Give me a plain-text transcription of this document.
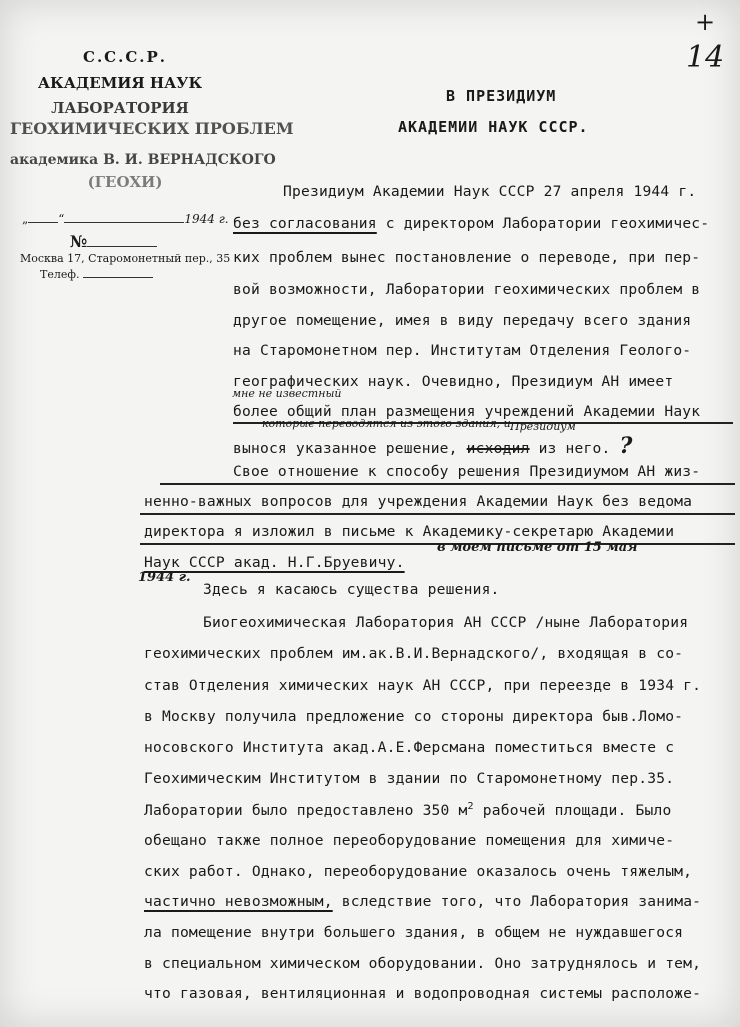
+
14
С.С.С.Р.
АКАДЕМИЯ НАУК
ЛАБОРАТОРИЯ
ГЕОХИМИЧЕСКИХ ПРОБЛЕМ
академика В. И. ВЕРНАДСКОГО
(ГЕОХИ)
„	“	1944 г.
№
Москва 17, Старомонетный пер., 35
Телеф.
В ПРЕЗИДИУМ
АКАДЕМИИ НАУК СССР.
Президиум Академии Наук СССР 27 апреля 1944 г.
без согласования с директором Лаборатории геохимичес-
ких проблем вынес постановление о переводе, при пер-
вой возможности, Лаборатории геохимических проблем в
другое помещение, имея в виду передачу всего здания
на Старомонетном пер. Институтам Отделения Геолого-
географических наук. Очевидно, Президиум АН имеет
мне не известный
более общий план размещения учреждений Академии Наук
которые переводятся из этого здания, и Президиум
вынося указанное решение, исходил из него. ?
Свое отношение к способу решения Президиумом АН жиз-
ненно-важных вопросов для учреждения Академии Наук без ведома
директора я изложил в письме к Академику-секретарю Академии
Наук СССР акад. Н.Г.Бруевичу.
в моем письме от 15 мая
1944 г.
Здесь я касаюсь существа решения.
Биогеохимическая Лаборатория АН СССР /ныне Лаборатория
геохимических проблем им.ак.В.И.Вернадского/, входящая в со-
став Отделения химических наук АН СССР, при переезде в 1934 г.
в Москву получила предложение со стороны директора быв.Ломо-
носовского Института акад.А.Е.Ферсмана поместиться вместе с
Геохимическим Институтом в здании по Старомонетному пер.35.
Лаборатории было предоставлено 350 $м^2$ рабочей площади. Было
обещано также полное переоборудование помещения для химиче-
ских работ. Однако, переоборудование оказалось очень тяжелым,
частично невозможным, вследствие того, что Лаборатория занима-
ла помещение внутри большего здания, в общем не нуждавшегося
в специальном химическом оборудовании. Оно затруднялось и тем,
что газовая, вентиляционная и водопроводная системы расположе-
